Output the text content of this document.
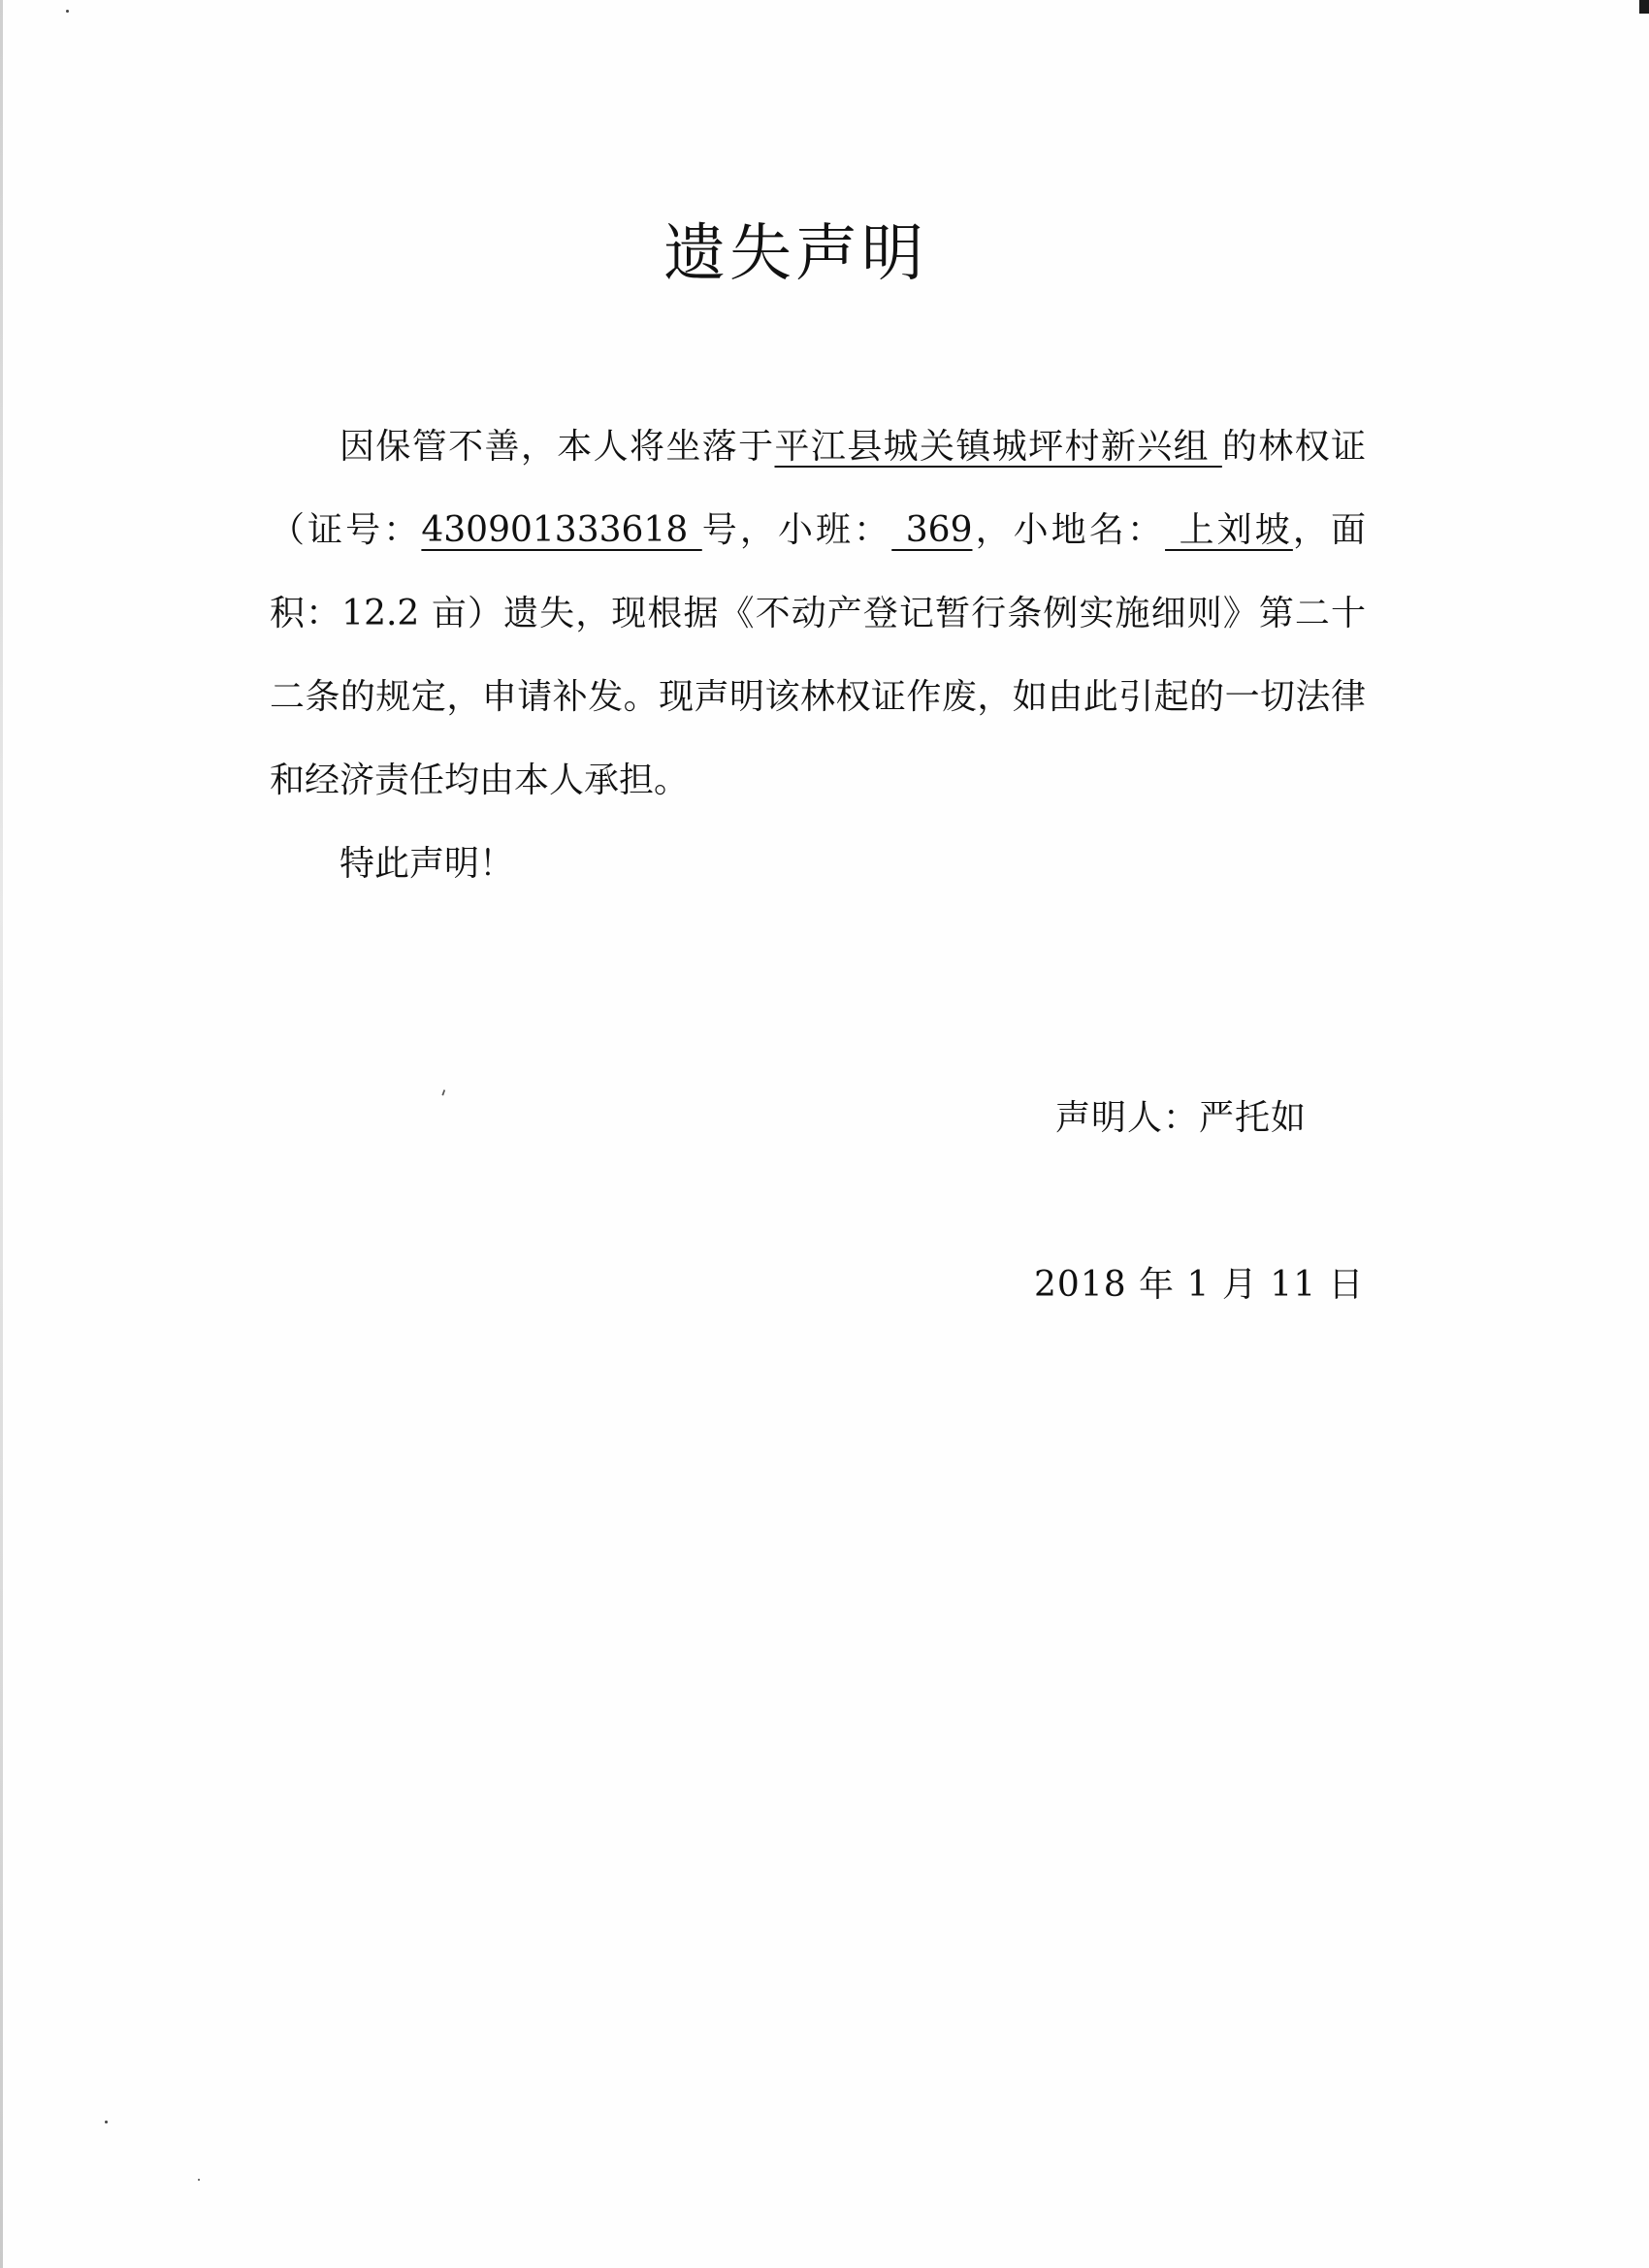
'
遗失声明

因保管不善，本人将坐落于平江县城关镇城坪村新兴组 的林权证（证号：430901333618 号，小班： 369，小地名： 上刘坡，面积：12.2 亩）遗失，现根据《不动产登记暂行条例实施细则》第二十二条的规定，申请补发。现声明该林权证作废，如由此引起的一切法律和经济责任均由本人承担。

特此声明！

声明人：严托如
2018 年 1 月 11 日
